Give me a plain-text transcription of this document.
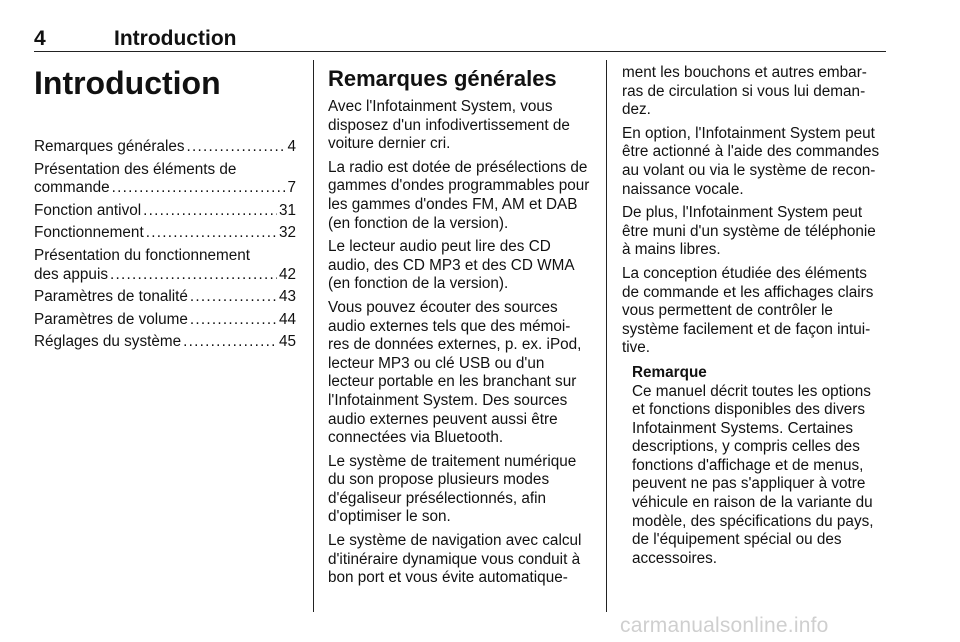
4	Introduction
Introduction
Remarques générales . . .	4
Présentation des éléments de
commande . . .	7
Fonction antivol . . .	31
Fonctionnement . . .	32
Présentation du fonctionnement
des appuis . . .	42
Paramètres de tonalité . . .	43
Paramètres de volume . . .	44
Réglages du système . . .	45
Remarques générales

Avec l'Infotainment System, vous disposez d'un infodivertissement de voiture dernier cri.

La radio est dotée de présélections de gammes d'ondes programmables pour les gammes d'ondes FM, AM et DAB (en fonction de la version).

Le lecteur audio peut lire des CD audio, des CD MP3 et des CD WMA (en fonction de la version).

Vous pouvez écouter des sources audio externes tels que des mémoi-res de données externes, p. ex. iPod, lecteur MP3 ou clé USB ou d'un lecteur portable en les branchant sur l'Infotainment System. Des sources audio externes peuvent aussi être connectées via Bluetooth.

Le système de traitement numérique du son propose plusieurs modes d'égaliseur présélectionnés, afin d'optimiser le son.

Le système de navigation avec calcul d'itinéraire dynamique vous conduit à bon port et vous évite automatique-

ment les bouchons et autres embar-ras de circulation si vous lui deman-dez.

En option, l'Infotainment System peut être actionné à l'aide des commandes au volant ou via le système de recon-naissance vocale.

De plus, l'Infotainment System peut être muni d'un système de téléphonie à mains libres.

La conception étudiée des éléments de commande et les affichages clairs vous permettent de contrôler le système facilement et de façon intui-tive.

Remarque
Ce manuel décrit toutes les options et fonctions disponibles des divers Infotainment Systems. Certaines descriptions, y compris celles des fonctions d'affichage et de menus, peuvent ne pas s'appliquer à votre véhicule en raison de la variante du modèle, des spécifications du pays, de l'équipement spécial ou des accessoires.
carmanualsonline.info
